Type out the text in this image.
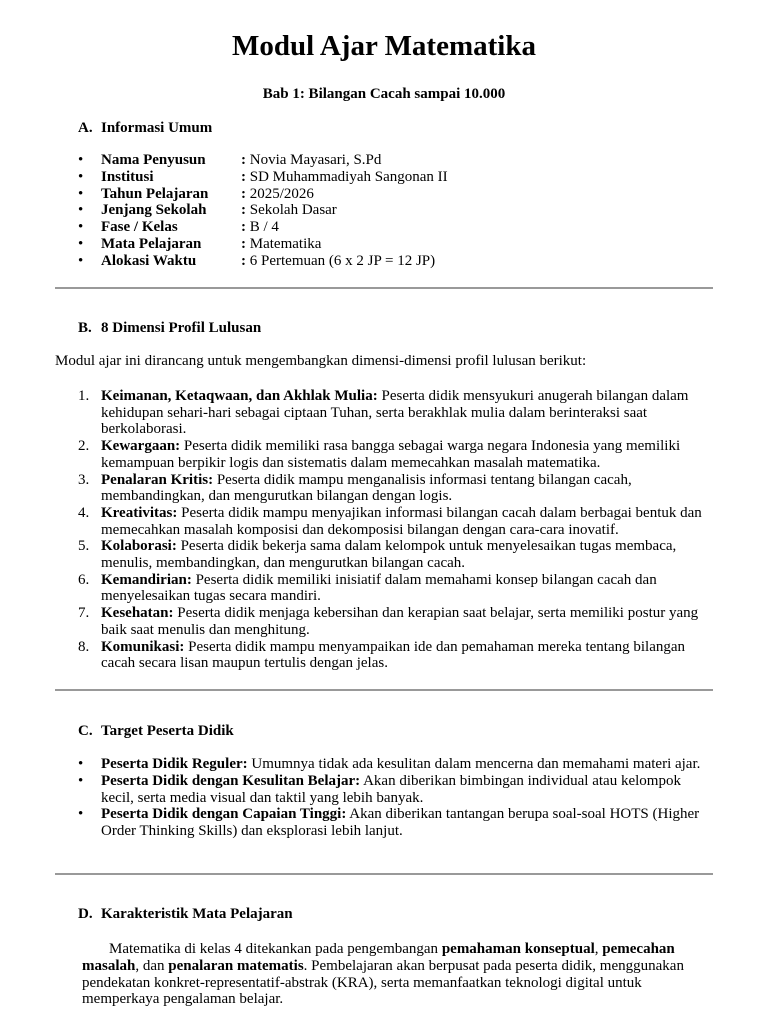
Modul Ajar Matematika
Bab 1: Bilangan Cacah sampai 10.000
A. Informasi Umum
• Nama Penyusun : Novia Mayasari, S.Pd
• Institusi	: SD Muhammadiyah Sangonan II
• Tahun Pelajaran : 2025/2026
• Jenjang Sekolah : Sekolah Dasar
• Fase / Kelas	: B / 4
• Mata Pelajaran	: Matematika
• Alokasi Waktu	: 6 Pertemuan (6 x 2 JP = 12 JP)
B. 8 Dimensi Profil Lulusan
Modul ajar ini dirancang untuk mengembangkan dimensi-dimensi profil lulusan berikut:
1. Keimanan, Ketaqwaan, dan Akhlak Mulia: Peserta didik mensyukuri anugerah bilangan dalam kehidupan sehari-hari sebagai ciptaan Tuhan, serta berakhlak mulia dalam berinteraksi saat berkolaborasi.
2. Kewargaan: Peserta didik memiliki rasa bangga sebagai warga negara Indonesia yang memiliki kemampuan berpikir logis dan sistematis dalam memecahkan masalah matematika.
3. Penalaran Kritis: Peserta didik mampu menganalisis informasi tentang bilangan cacah, membandingkan, dan mengurutkan bilangan dengan logis.
4. Kreativitas: Peserta didik mampu menyajikan informasi bilangan cacah dalam berbagai bentuk dan memecahkan masalah komposisi dan dekomposisi bilangan dengan cara-cara inovatif.
5. Kolaborasi: Peserta didik bekerja sama dalam kelompok untuk menyelesaikan tugas membaca, menulis, membandingkan, dan mengurutkan bilangan cacah.
6. Kemandirian: Peserta didik memiliki inisiatif dalam memahami konsep bilangan cacah dan menyelesaikan tugas secara mandiri.
7. Kesehatan: Peserta didik menjaga kebersihan dan kerapian saat belajar, serta memiliki postur yang baik saat menulis dan menghitung.
8. Komunikasi: Peserta didik mampu menyampaikan ide dan pemahaman mereka tentang bilangan cacah secara lisan maupun tertulis dengan jelas.
C. Target Peserta Didik
• Peserta Didik Reguler: Umumnya tidak ada kesulitan dalam mencerna dan memahami materi ajar.
• Peserta Didik dengan Kesulitan Belajar: Akan diberikan bimbingan individual atau kelompok kecil, serta media visual dan taktil yang lebih banyak.
• Peserta Didik dengan Capaian Tinggi: Akan diberikan tantangan berupa soal-soal HOTS (Higher Order Thinking Skills) dan eksplorasi lebih lanjut.
D. Karakteristik Mata Pelajaran
Matematika di kelas 4 ditekankan pada pengembangan pemahaman konseptual, pemecahan masalah, dan penalaran matematis. Pembelajaran akan berpusat pada peserta didik, menggunakan pendekatan konkret-representatif-abstrak (KRA), serta memanfaatkan teknologi digital untuk memperkaya pengalaman belajar.
